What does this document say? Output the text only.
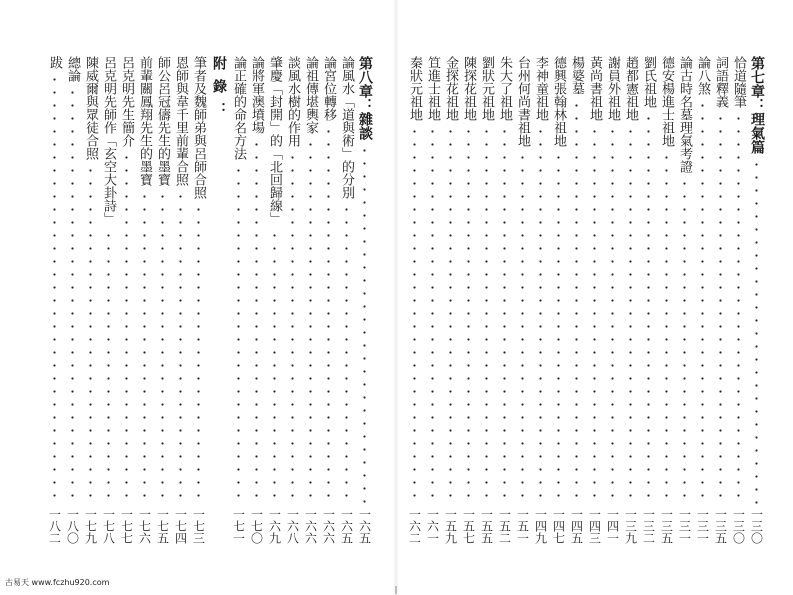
第八章：雜談
一六五
論風水「道與術」的分別
一六五
論宮位轉移
一六六
論祖傳堪輿家
一六六
談風水樹的作用
一六八
肇慶「封開」的「北回歸線」
一六九
論將軍澳墳場
一七〇
論正確的命名方法
一七一
附錄：
筆者及魏師弟與呂師合照
一七三
恩師與韋千里前輩合照
一七四
師公呂冠儔先生的墨寶
一七五
前輩關鳳翔先生的墨寶
一七六
呂克明先生簡介
一七七
呂克明先師作「玄空大卦詩」
一七八
陳威爾與眾徒合照
一七九
總論
一八〇
跋
一八二
第七章：理氣篇
一三〇
恰道隨筆
一三〇
詞語釋義
一三五
論八煞
一三一
論古時名墓理氣考證
一三一
德安楊進士祖地
一三五
劉氏祖地
一三二
趙都憲祖地
一三九
謝員外祖地
一四一
黃尚書祖地
一四三
楊婆墓
一四五
德興張翰林祖地
一四七
李神童祖地
一四九
台州何尚書祖地
一五一
朱大了祖地
一五二
劉狀元祖地
一五五
陳探花祖地
一五七
金探花祖地
一五九
笪進士祖地
一六一
秦狀元祖地
一六二
古易天 www.fczhu920.com
